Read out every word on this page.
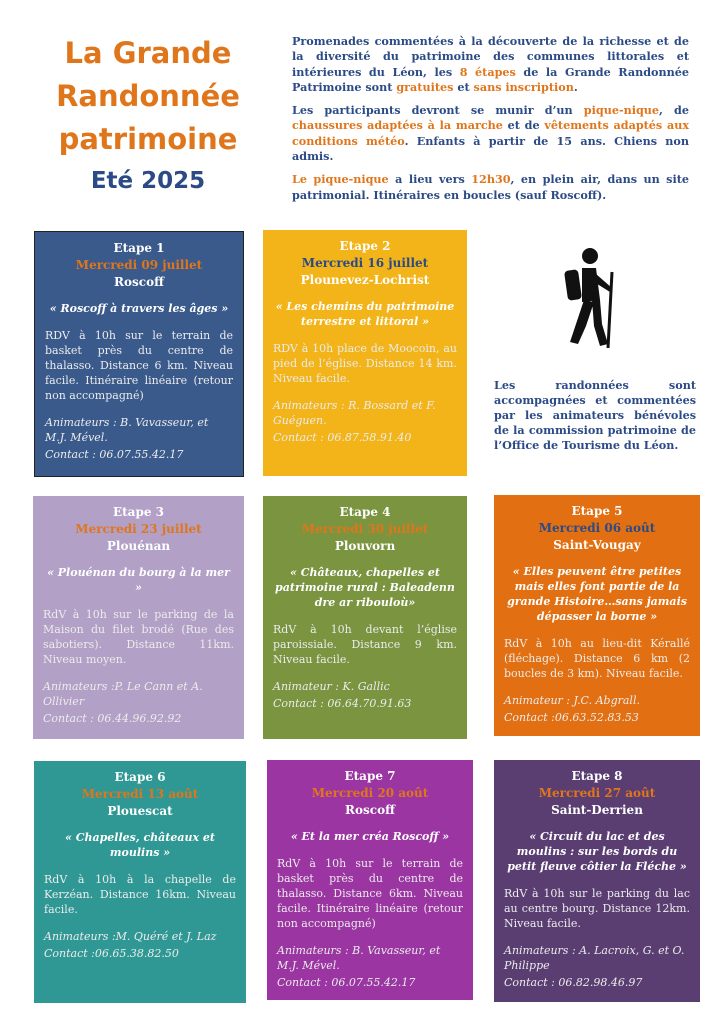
La Grande
Randonnée
patrimoine
Eté 2025

Promenades commentées à la découverte de la richesse et de la diversité du patrimoine des communes littorales et intérieures du Léon, les 8 étapes de la Grande Randonnée Patrimoine sont gratuites et sans inscription.

Les participants devront se munir d’un pique-nique, de chaussures adaptées à la marche et de vêtements adaptés aux conditions météo. Enfants à partir de 15 ans. Chiens non admis.

Le pique-nique a lieu vers 12h30, en plein air, dans un site patrimonial. Itinéraires en boucles (sauf Roscoff).

Les randonnées sont accompagnées et commentées par les animateurs bénévoles de la commission patrimoine de l’Office de Tourisme du Léon.
Etape 1
Mercredi 09 juillet
Roscoff
« Roscoff à travers les âges »
RDV à 10h sur le terrain de basket près du centre de thalasso. Distance 6 km. Niveau facile. Itinéraire linéaire (retour non accompagné)
Animateurs : B. Vavasseur, et M.J. Mével.
Contact : 06.07.55.42.17
Etape 2
Mercredi 16 juillet
Plounevez-Lochrist
« Les chemins du patrimoine terrestre et littoral »
RDV à 10h place de Moocoin, au pied de l’église. Distance 14 km. Niveau facile.
Animateurs : R. Bossard et F. Guéguen.
Contact : 06.87.58.91.40
Etape 3
Mercredi 23 juillet
Plouénan
« Plouénan du bourg à la mer »
RdV à 10h sur le parking de la Maison du filet brodé (Rue des sabotiers). Distance 11km. Niveau moyen.
Animateurs :P. Le Cann et A. Ollivier
Contact : 06.44.96.92.92
Etape 4
Mercredi 30 juillet
Plouvorn
« Châteaux, chapelles et patrimoine rural : Baleadenn dre ar ribouloù»
RdV à 10h devant l’église paroissiale. Distance 9 km. Niveau facile.
Animateur : K. Gallic
Contact : 06.64.70.91.63
Etape 5
Mercredi 06 août
Saint-Vougay
« Elles peuvent être petites mais elles font partie de la grande Histoire…sans jamais dépasser la borne »
RdV à 10h au lieu-dit Kérallé (fléchage). Distance 6 km (2 boucles de 3 km). Niveau facile.
Animateur : J.C. Abgrall.
Contact :06.63.52.83.53
Etape 6
Mercredi 13 août
Plouescat
« Chapelles, châteaux et moulins »
RdV à 10h à la chapelle de Kerzéan. Distance 16km. Niveau facile.
Animateurs :M. Quéré et J. Laz
Contact :06.65.38.82.50
Etape 7
Mercredi 20 août
Roscoff
« Et la mer créa Roscoff »
RdV à 10h sur le terrain de basket près du centre de thalasso. Distance 6km. Niveau facile. Itinéraire linéaire (retour non accompagné)
Animateurs : B. Vavasseur, et M.J. Mével.
Contact : 06.07.55.42.17
Etape 8
Mercredi 27 août
Saint-Derrien
« Circuit du lac et des moulins : sur les bords du petit fleuve côtier la Fléche »
RdV à 10h sur le parking du lac au centre bourg. Distance 12km. Niveau facile.
Animateurs : A. Lacroix, G. et O. Philippe
Contact : 06.82.98.46.97
